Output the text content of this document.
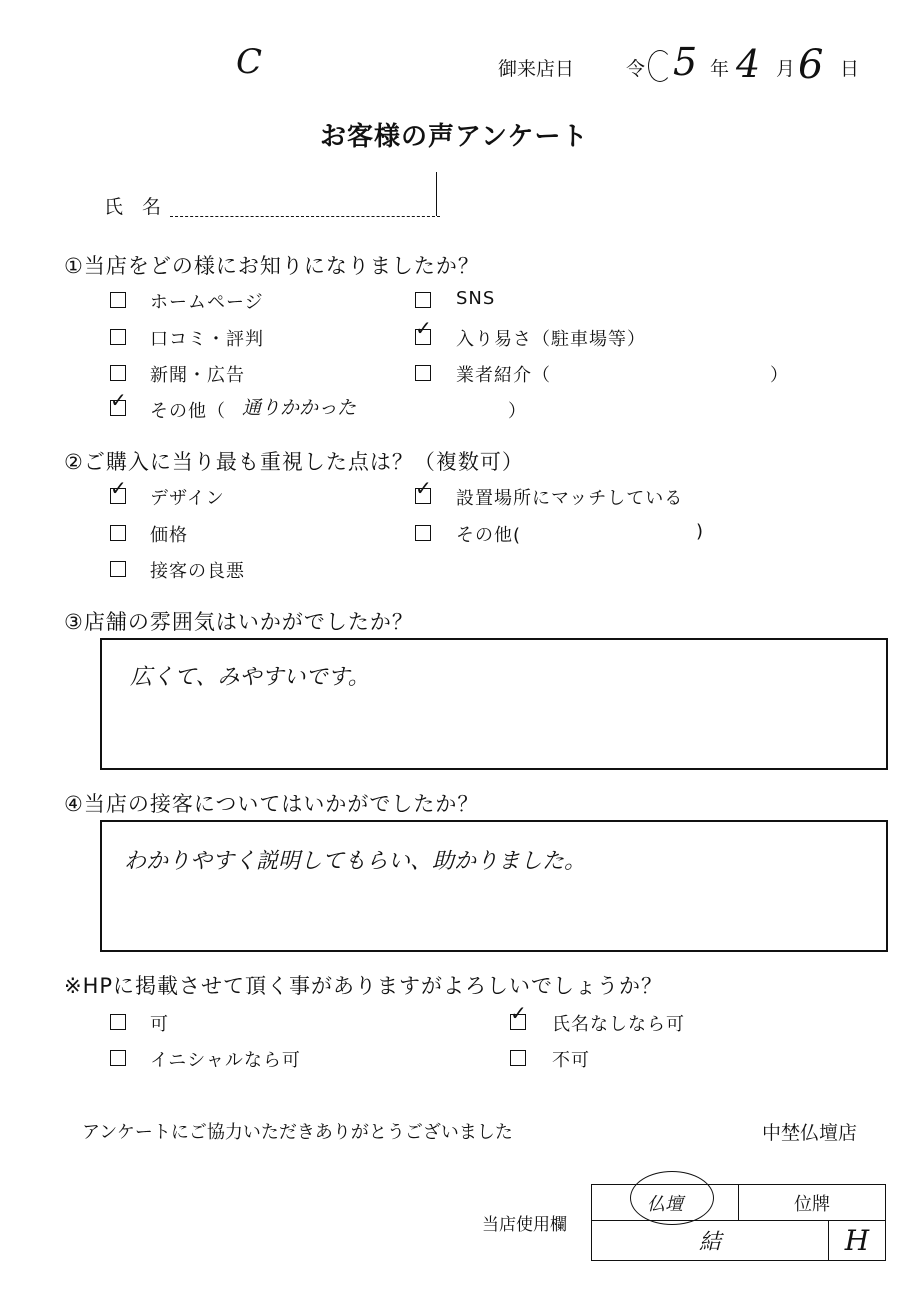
C	御来店日	令 5 年 4 月 6 日
お客様の声アンケート
氏　名
①当店をどの様にお知りになりましたか？
ホームページ	SNS
口コミ・評判	✓ 入り易さ（駐車場等）
新聞・広告	業者紹介（	）
✓ その他（ 通りかかった	）
②ご購入に当り最も重視した点は？（複数可）
✓ デザイン	✓ 設置場所にマッチしている
価格	その他(	)
接客の良悪
③店舗の雰囲気はいかがでしたか？
広くて、みやすいです。
④当店の接客についてはいかがでしたか？
わかりやすく説明してもらい、助かりました。
※HPに掲載させて頂く事がありますがよろしいでしょうか？
可	✓ 氏名なしなら可
イニシャルなら可	不可
アンケートにご協力いただきありがとうございました	中埜仏壇店
当店使用欄
仏壇	位牌	
結		H
